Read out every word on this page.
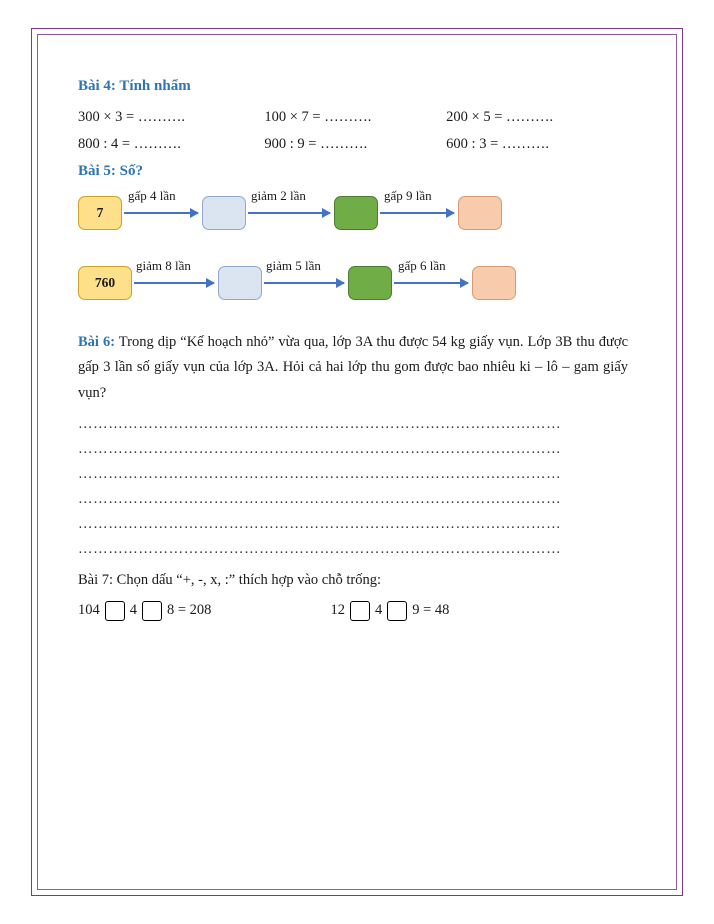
Bài 4: Tính nhẩm
300 × 3 = ……….	100 × 7 = ……….	200 × 5 = ……….
800 : 4 = ……….	900 : 9 = ……….	600 : 3 = ……….
Bài 5: Số?
7
gấp 4 lần	giảm 2 lần	gấp 9 lần
760
giảm 8 lần	giảm 5 lần	gấp 6 lần
Bài 6: Trong dịp “Kế hoạch nhỏ” vừa qua, lớp 3A thu được 54 kg giấy vụn. Lớp 3B thu được gấp 3 lần số giấy vụn của lớp 3A. Hỏi cả hai lớp thu gom được bao nhiêu ki – lô – gam giấy vụn?
……………………………………………………………………………………
……………………………………………………………………………………
……………………………………………………………………………………
……………………………………………………………………………………
……………………………………………………………………………………
……………………………………………………………………………………
Bài 7: Chọn dấu “+, -, x, :” thích hợp vào chỗ trống:
104 4 8 = 208	12 4 9 = 48
